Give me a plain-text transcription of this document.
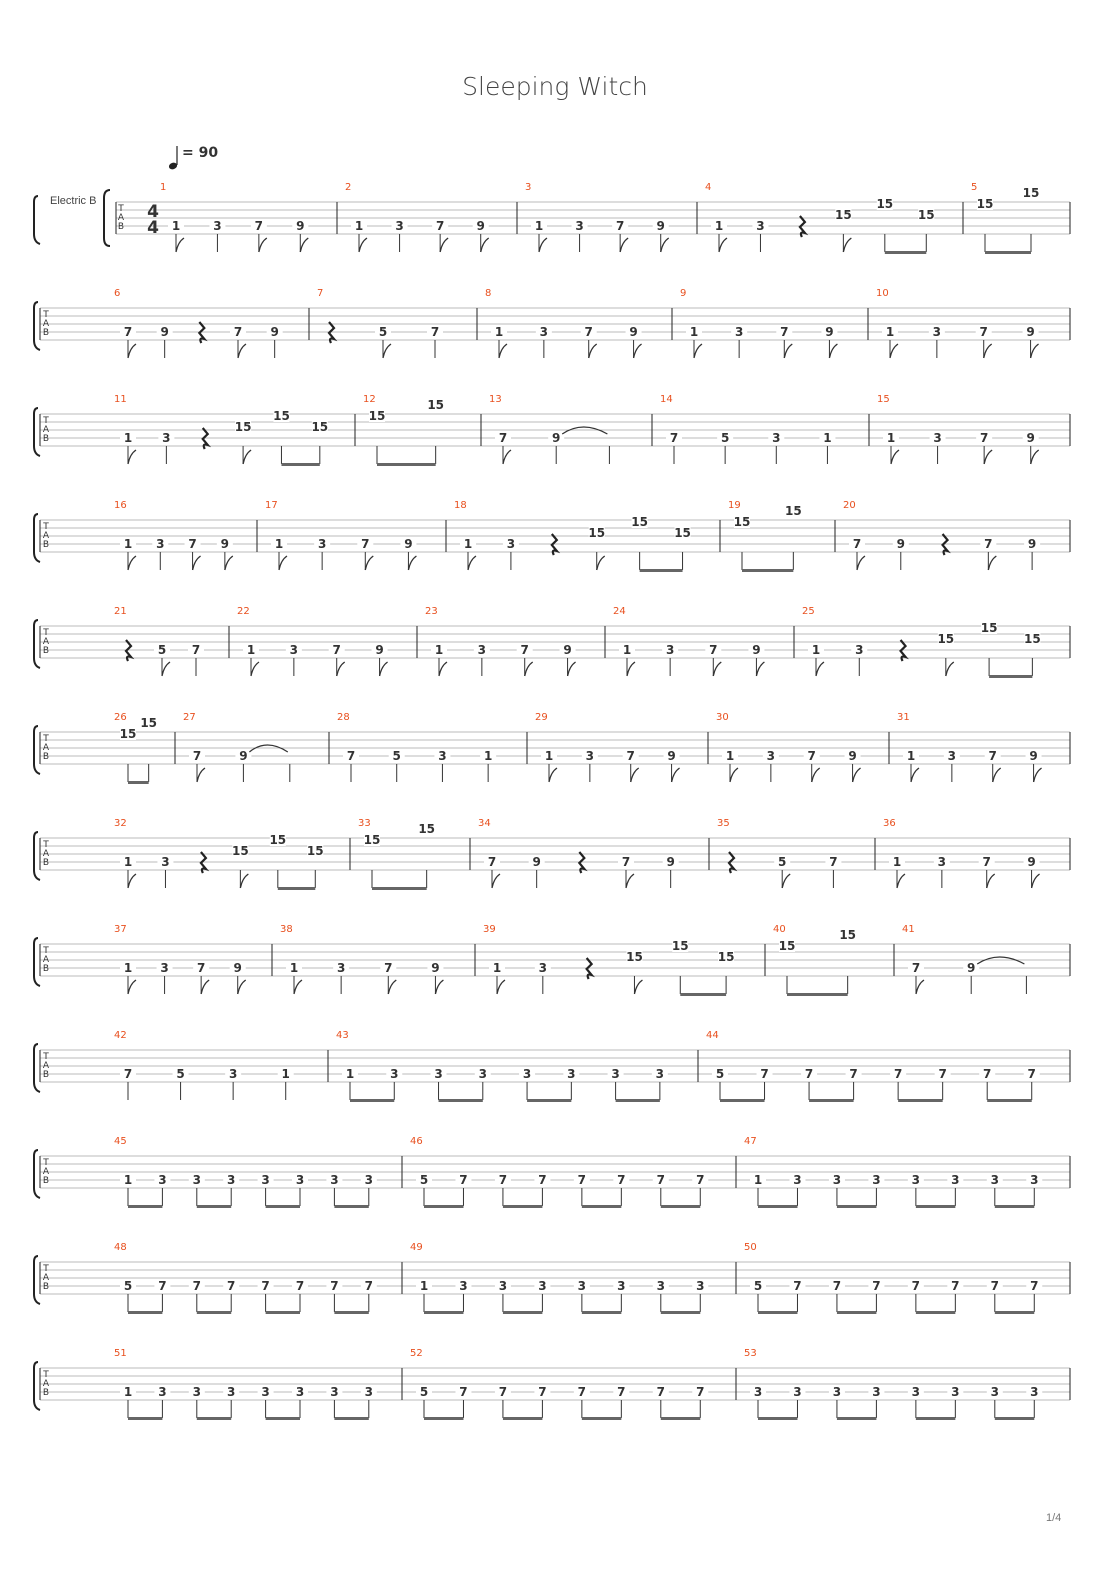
Sleeping Witch
= 90
Electric B
1/4
T
A
B
4
4
1
1	3	7	9
2
1	3	7	9
3
1	3	7	9
4
1	3
15
15
15
5
15
15
T
A
B
6
7 9	7 9
7
5	7
8
1	3	7	9
9
1	3	7	9
10
1	3	7	9
T
A
B
11
1	3
15
15
15
12
15
15	13
7	9
14
7	5	3	1
15
1	3	7	9
T
A
B
16
1 3 7 9
17
1	3	7	9
18
1	3
15
15
15
19
15
15	20
7	9	7	9
T
A
B
21
5 7
22
1	3	7	9
23
1	3	7	9
24
1	3	7	9
25
1	3
15
15
15
T
A
B
26
15
15	27
7	9
28
7	5	3	1
29
1	3	7	9
30
1	3	7	9
31
1	3	7	9
T
A
B
32
1 3
15
15
15
33
15
15	34
7	9	7	9
35
5	7
36
1	3	7	9
T
A
B
37
1 3 7 9
38
1	3	7	9
39
1	3
15
15
15
40
15
15	41
7	9
T
A
B
42
7	5	3	1
43
1	3	3	3	3	3	3	3
44
5	7	7	7	7	7	7	7
T
A
B
45
1 3 3 3 3 3 3 3
46
5	7	7	7	7	7	7	7
47
1	3	3	3	3	3	3	3
T
A
B
48
5 7 7 7 7 7 7 7
49
1	3	3	3	3	3	3	3
50
5	7	7	7	7	7	7	7
T
A
B
51
1 3 3 3 3 3 3 3
52
5	7	7	7	7	7	7	7
53
3	3	3	3	3	3	3	3
